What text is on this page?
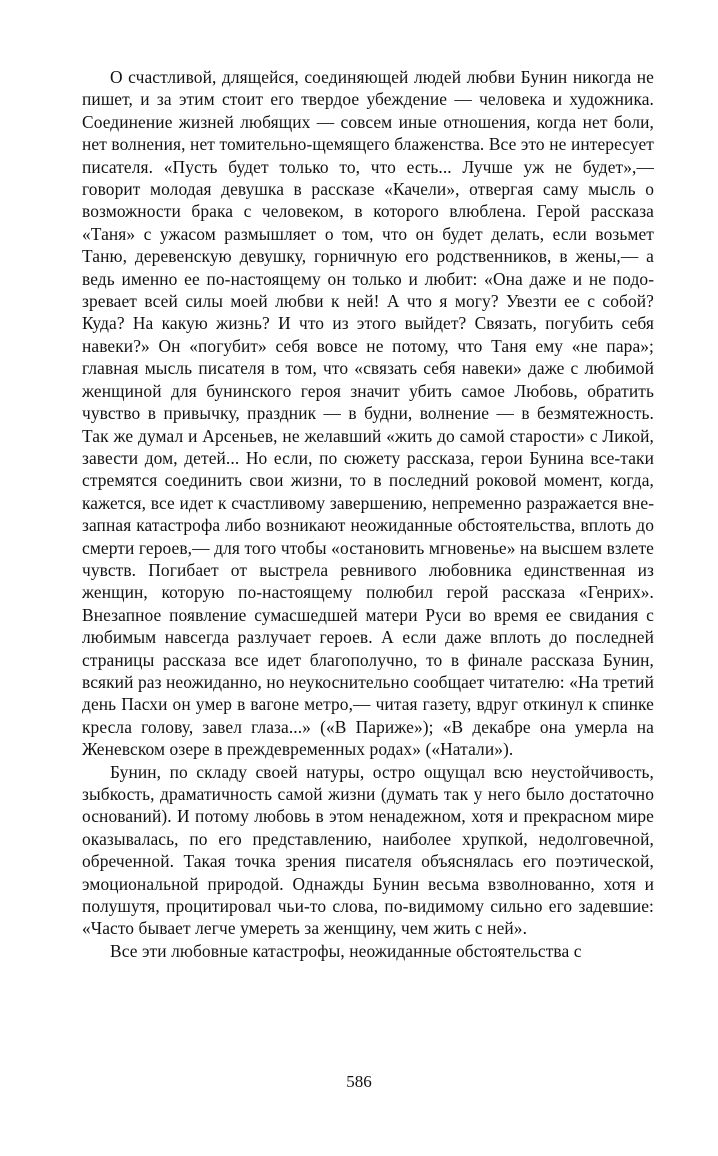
О счастливой, длящейся, соединяющей людей любви Бунин никогда не пишет, и за этим стоит его твердое убеждение — человека и художника. Соединение жизней любящих — совсем иные отношения, когда нет боли, нет волнения, нет томительно-щемящего блаженства. Все это не интересует писателя. «Пусть будет только то, что есть... Лучше уж не будет»,— говорит молодая девушка в рассказе «Качели», отвергая саму мысль о возможности брака с человеком, в которого влюблена. Герой рассказа «Таня» с ужасом размышляет о том, что он будет делать, если возьмет Таню, деревенскую девушку, горничную его родственников, в жены,— а ведь именно ее по-настоящему он только и любит: «Она даже и не подозревает всей силы моей любви к ней! А что я могу? Увезти ее с собой? Куда? На какую жизнь? И что из этого выйдет? Связать, погубить себя навеки?» Он «погубит» себя вовсе не потому, что Таня ему «не пара»; главная мысль писателя в том, что «связать себя навеки» даже с любимой женщиной для бунинского героя значит убить самое Любовь, обратить чувство в привычку, праздник — в будни, волнение — в безмятежность. Так же думал и Арсеньев, не желавший «жить до самой старости» с Ликой, завести дом, детей... Но если, по сюжету рассказа, герои Бунина все-таки стремятся соединить свои жизни, то в последний роковой момент, когда, кажется, все идет к счастливому завершению, непременно разражается внезапная катастрофа либо возникают неожиданные обстоятельства, вплоть до смерти героев,— для того чтобы «остановить мгновенье» на высшем взлете чувств. Погибает от выстрела ревнивого любовника единственная из женщин, которую по-настоящему полюбил герой рассказа «Генрих». Внезапное появление сумасшедшей матери Руси во время ее свидания с любимым навсегда разлучает героев. А если даже вплоть до последней страницы рассказа все идет благополучно, то в финале рассказа Бунин, всякий раз неожиданно, но неукоснительно сообщает читателю: «На третий день Пасхи он умер в вагоне метро,— читая газету, вдруг откинул к спинке кресла голову, завел глаза...» («В Париже»); «В декабре она умерла на Женевском озере в преждевременных родах» («Натали»).

Бунин, по складу своей натуры, остро ощущал всю неустойчивость, зыбкость, драматичность самой жизни (думать так у него было достаточно оснований). И потому любовь в этом ненадежном, хотя и прекрасном мире оказывалась, по его представлению, наиболее хрупкой, недолговечной, обреченной. Такая точка зрения писателя объяснялась его поэтической, эмоциональной природой. Однажды Бунин весьма взволнованно, хотя и полушутя, процитировал чьи-то слова, по-видимому сильно его задевшие: «Часто бывает легче умереть за женщину, чем жить с ней».

Все эти любовные катастрофы, неожиданные обстоятельства с

586
